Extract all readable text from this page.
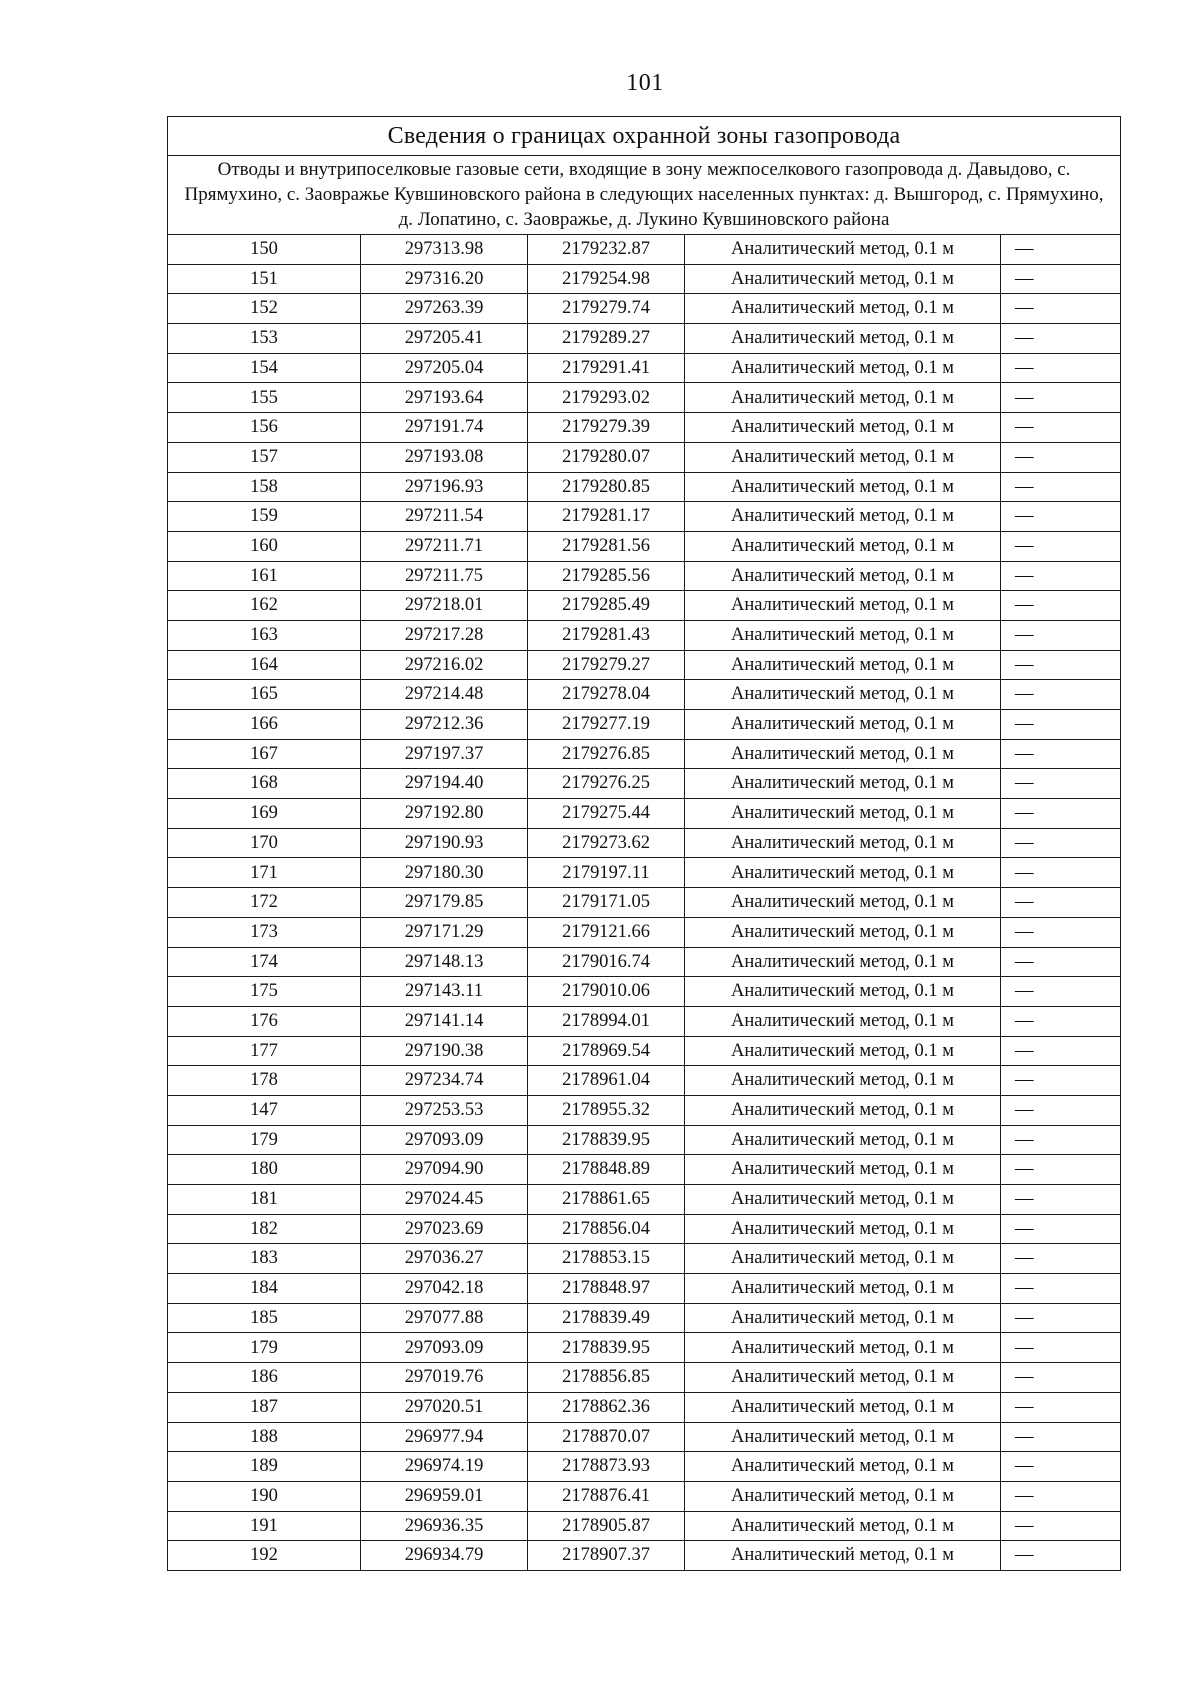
101
Сведения о границах охранной зоны газопровода				
Отводы и внутрипоселковые газовые сети, входящие в зону межпоселкового газопровода д. Давыдово, с. Прямухино, с. Заовражье Кувшиновского района в следующих населенных пунктах: д. Вышгород, с. Прямухино, д. Лопатино, с. Заовражье, д. Лукино Кувшиновского района				
150	297313.98	2179232.87	Аналитический метод, 0.1 м	—
151	297316.20	2179254.98	Аналитический метод, 0.1 м	—
152	297263.39	2179279.74	Аналитический метод, 0.1 м	—
153	297205.41	2179289.27	Аналитический метод, 0.1 м	—
154	297205.04	2179291.41	Аналитический метод, 0.1 м	—
155	297193.64	2179293.02	Аналитический метод, 0.1 м	—
156	297191.74	2179279.39	Аналитический метод, 0.1 м	—
157	297193.08	2179280.07	Аналитический метод, 0.1 м	—
158	297196.93	2179280.85	Аналитический метод, 0.1 м	—
159	297211.54	2179281.17	Аналитический метод, 0.1 м	—
160	297211.71	2179281.56	Аналитический метод, 0.1 м	—
161	297211.75	2179285.56	Аналитический метод, 0.1 м	—
162	297218.01	2179285.49	Аналитический метод, 0.1 м	—
163	297217.28	2179281.43	Аналитический метод, 0.1 м	—
164	297216.02	2179279.27	Аналитический метод, 0.1 м	—
165	297214.48	2179278.04	Аналитический метод, 0.1 м	—
166	297212.36	2179277.19	Аналитический метод, 0.1 м	—
167	297197.37	2179276.85	Аналитический метод, 0.1 м	—
168	297194.40	2179276.25	Аналитический метод, 0.1 м	—
169	297192.80	2179275.44	Аналитический метод, 0.1 м	—
170	297190.93	2179273.62	Аналитический метод, 0.1 м	—
171	297180.30	2179197.11	Аналитический метод, 0.1 м	—
172	297179.85	2179171.05	Аналитический метод, 0.1 м	—
173	297171.29	2179121.66	Аналитический метод, 0.1 м	—
174	297148.13	2179016.74	Аналитический метод, 0.1 м	—
175	297143.11	2179010.06	Аналитический метод, 0.1 м	—
176	297141.14	2178994.01	Аналитический метод, 0.1 м	—
177	297190.38	2178969.54	Аналитический метод, 0.1 м	—
178	297234.74	2178961.04	Аналитический метод, 0.1 м	—
147	297253.53	2178955.32	Аналитический метод, 0.1 м	—
179	297093.09	2178839.95	Аналитический метод, 0.1 м	—
180	297094.90	2178848.89	Аналитический метод, 0.1 м	—
181	297024.45	2178861.65	Аналитический метод, 0.1 м	—
182	297023.69	2178856.04	Аналитический метод, 0.1 м	—
183	297036.27	2178853.15	Аналитический метод, 0.1 м	—
184	297042.18	2178848.97	Аналитический метод, 0.1 м	—
185	297077.88	2178839.49	Аналитический метод, 0.1 м	—
179	297093.09	2178839.95	Аналитический метод, 0.1 м	—
186	297019.76	2178856.85	Аналитический метод, 0.1 м	—
187	297020.51	2178862.36	Аналитический метод, 0.1 м	—
188	296977.94	2178870.07	Аналитический метод, 0.1 м	—
189	296974.19	2178873.93	Аналитический метод, 0.1 м	—
190	296959.01	2178876.41	Аналитический метод, 0.1 м	—
191	296936.35	2178905.87	Аналитический метод, 0.1 м	—
192	296934.79	2178907.37	Аналитический метод, 0.1 м	—
